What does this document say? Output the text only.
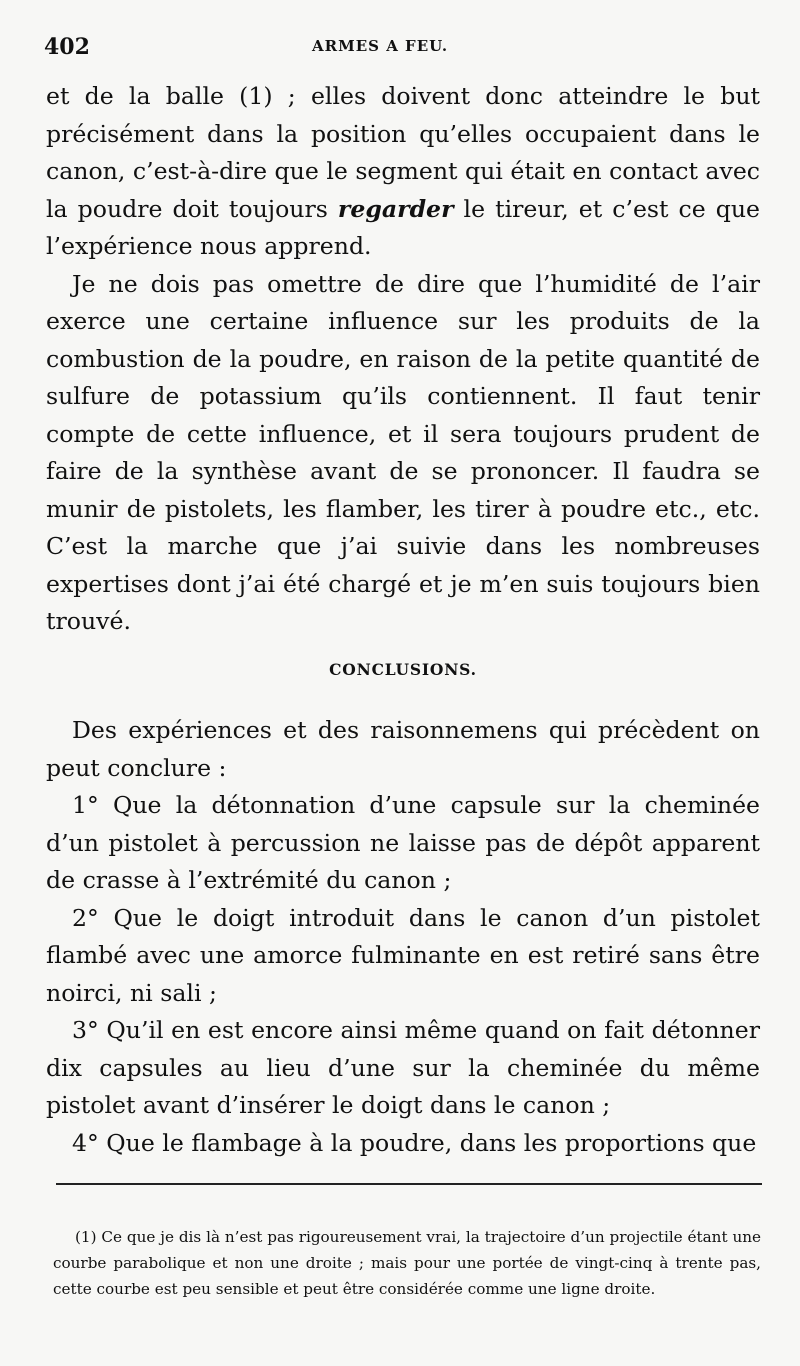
402	ARMES A FEU.

et de la balle (1) ; elles doivent donc atteindre le but précisément dans la position qu’elles occupaient dans le canon, c’est-à-dire que le segment qui était en contact avec la poudre doit toujours regarder le tireur, et c’est ce que l’expérience nous apprend.

Je ne dois pas omettre de dire que l’humidité de l’air exerce une certaine influence sur les produits de la combustion de la poudre, en raison de la petite quantité de sulfure de potassium qu’ils contiennent. Il faut tenir compte de cette influence, et il sera toujours prudent de faire de la synthèse avant de se prononcer. Il faudra se munir de pistolets, les flamber, les tirer à poudre etc., etc. C’est la marche que j’ai suivie dans les nombreuses expertises dont j’ai été chargé et je m’en suis toujours bien trouvé.

CONCLUSIONS.

Des expériences et des raisonnemens qui précèdent on peut conclure :

1° Que la détonnation d’une capsule sur la cheminée d’un pistolet à percussion ne laisse pas de dépôt apparent de crasse à l’extrémité du canon ;

2° Que le doigt introduit dans le canon d’un pistolet flambé avec une amorce fulminante en est retiré sans être noirci, ni sali ;

3° Qu’il en est encore ainsi même quand on fait détonner dix capsules au lieu d’une sur la cheminée du même pistolet avant d’insérer le doigt dans le canon ;

4° Que le flambage à la poudre, dans les proportions que

(1) Ce que je dis là n’est pas rigoureusement vrai, la trajectoire d’un projectile étant une courbe parabolique et non une droite ; mais pour une portée de vingt-cinq à trente pas, cette courbe est peu sensible et peut être considérée comme une ligne droite.
